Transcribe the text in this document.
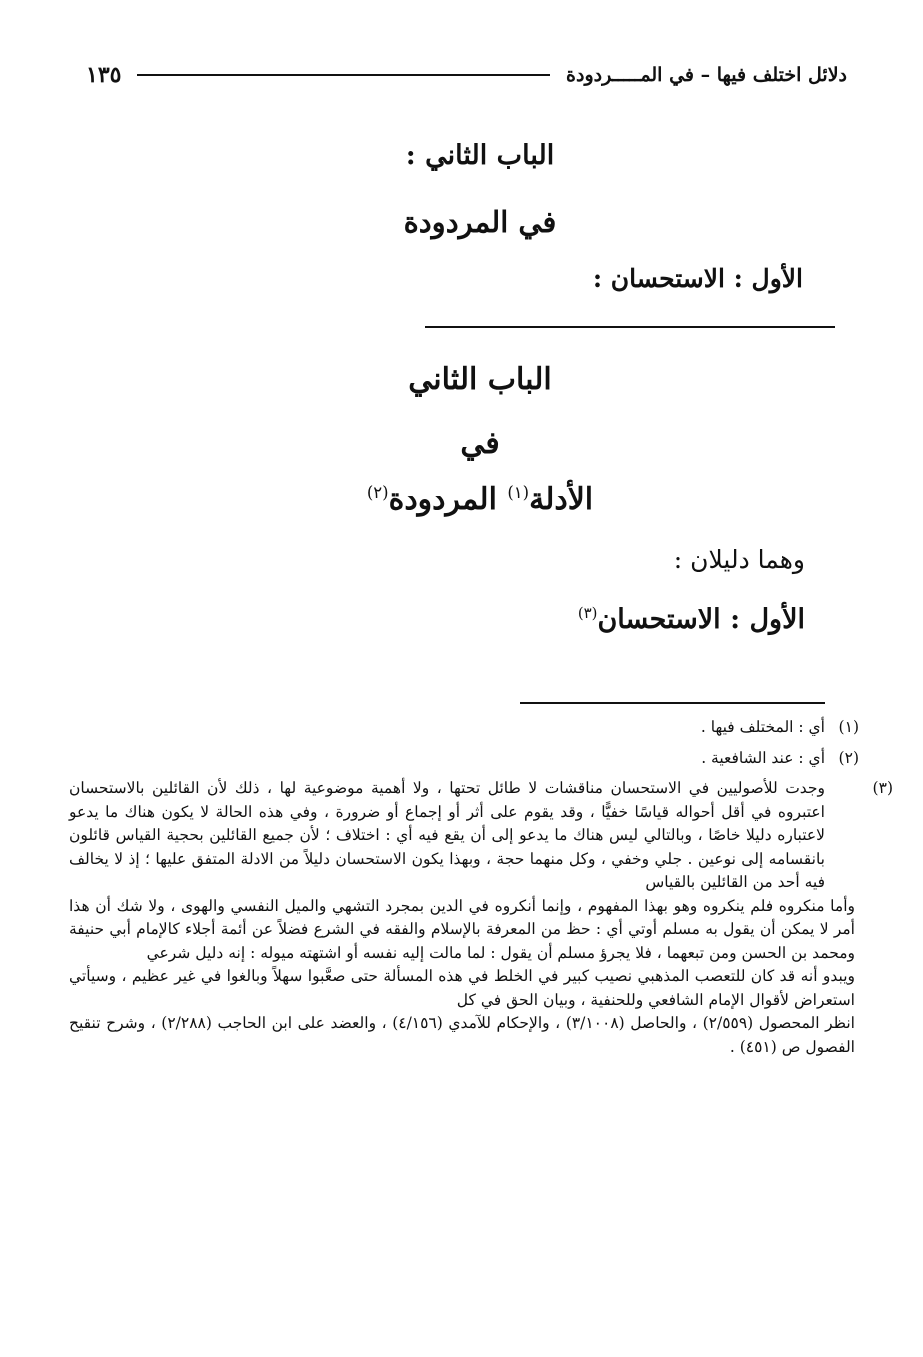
دلائل اختلف فيها – في المـــــردودة
١٣٥
الباب الثاني :
في المردودة
الأول : الاستحسان :
الباب الثاني
في
الأدلة$^{(١)}$ المردودة$^{(٢)}$
وهما دليلان :
الأول : الاستحسان$^{(٣)}$
(١)أي : المختلف فيها .
(٢)أي : عند الشافعية .
(٣)وجدت للأصوليين في الاستحسان مناقشات لا طائل تحتها ، ولا أهمية موضوعية لها ، ذلك لأن القائلين بالاستحسان اعتبروه في أقل أحواله قياسًا خفيًّا ، وقد يقوم على أثر أو إجماع أو ضرورة ، وفي هذه الحالة لا يكون هناك ما يدعو لاعتباره دليلا خاصًا ، وبالتالي ليس هناك ما يدعو إلى أن يقع فيه أي : اختلاف ؛ لأن جميع القائلين بحجية القياس قائلون بانقسامه إلى نوعين . جلي وخفي ، وكل منهما حجة ، وبهذا يكون الاستحسان دليلاً من الادلة المتفق عليها ؛ إذ لا يخالف فيه أحد من القائلين بالقياس
وأما منكروه فلم ينكروه وهو بهذا المفهوم ، وإنما أنكروه في الدين بمجرد التشهي والميل النفسي والهوى ، ولا شك أن هذا أمر لا يمكن أن يقول به مسلم أوتي أي : حظ من المعرفة بالإسلام والفقه في الشرع فضلاً عن أئمة أجلاء كالإمام أبي حنيفة ومحمد بن الحسن ومن تبعهما ، فلا يجرؤ مسلم أن يقول : لما مالت إليه نفسه أو اشتهته ميوله : إنه دليل شرعي
ويبدو أنه قد كان للتعصب المذهبي نصيب كبير في الخلط في هذه المسألة حتى صعَّبوا سهلاً وبالغوا في غير عظيم ، وسيأتي استعراض لأقوال الإمام الشافعي وللحنفية ، وبيان الحق في كل
انظر المحصول (٢/٥٥٩) ، والحاصل (٣/١٠٠٨) ، والإحكام للآمدي (٤/١٥٦) ، والعضد على ابن الحاجب (٢/٢٨٨) ، وشرح تنقيح الفصول ص (٤٥١) .
